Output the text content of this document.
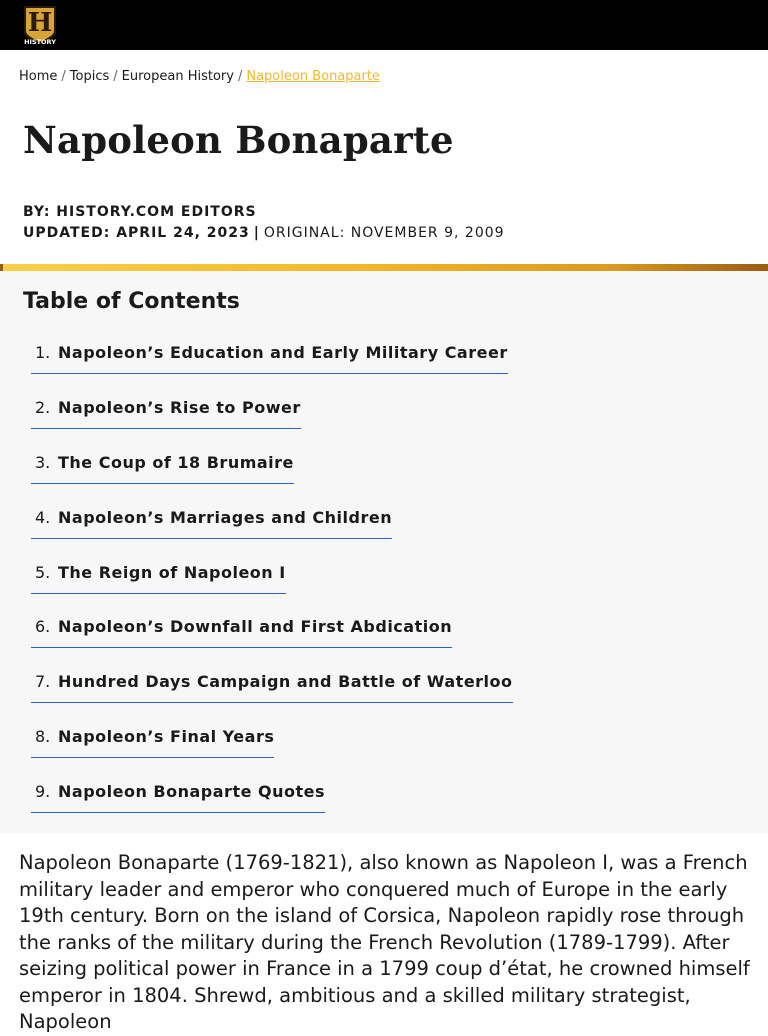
H
HISTORY
Home / Topics / European History / Napoleon Bonaparte
Napoleon Bonaparte
BY: HISTORY.COM EDITORS
UPDATED: APRIL 24, 2023 | ORIGINAL: NOVEMBER 9, 2009
Table of Contents
1. Napoleon’s Education and Early Military Career
2. Napoleon’s Rise to Power
3. The Coup of 18 Brumaire
4. Napoleon’s Marriages and Children
5. The Reign of Napoleon I
6. Napoleon’s Downfall and First Abdication
7. Hundred Days Campaign and Battle of Waterloo
8. Napoleon’s Final Years
9. Napoleon Bonaparte Quotes

Napoleon Bonaparte (1769-1821), also known as Napoleon I, was a French military leader and emperor who conquered much of Europe in the early 19th century. Born on the island of Corsica, Napoleon rapidly rose through the ranks of the military during the French Revolution (1789-1799). After seizing political power in France in a 1799 coup d’état, he crowned himself emperor in 1804. Shrewd, ambitious and a skilled military strategist, Napoleon
